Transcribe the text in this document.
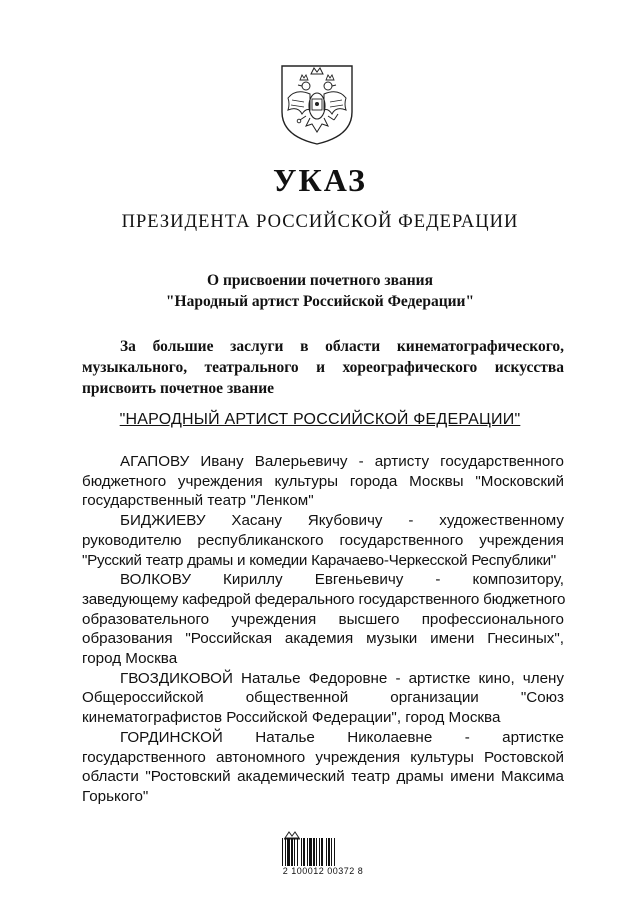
УКАЗ
ПРЕЗИДЕНТА РОССИЙСКОЙ ФЕДЕРАЦИИ
О присвоении почетного звания
"Народный артист Российской Федерации"
За большие заслуги в области кинематографического,
музыкального, театрального и хореографического искусства
присвоить почетное звание
"НАРОДНЫЙ АРТИСТ РОССИЙСКОЙ ФЕДЕРАЦИИ"
АГАПОВУ Ивану Валерьевичу - артисту государственного
бюджетного учреждения культуры города Москвы "Московский
государственный театр "Ленком"
БИДЖИЕВУ Хасану Якубовичу - художественному
руководителю республиканского государственного учреждения
"Русский театр драмы и комедии Карачаево-Черкесской Республики"
ВОЛКОВУ Кириллу Евгеньевичу - композитору,
заведующему кафедрой федерального государственного бюджетного
образовательного учреждения высшего профессионального
образования "Российская академия музыки имени Гнесиных",
город Москва
ГВОЗДИКОВОЙ Наталье Федоровне - артистке кино, члену
Общероссийской общественной организации "Союз
кинематографистов Российской Федерации", город Москва
ГОРДИНСКОЙ Наталье Николаевне - артистке
государственного автономного учреждения культуры Ростовской
области "Ростовский академический театр драмы имени Максима
Горького"
2 100012 00372 8
